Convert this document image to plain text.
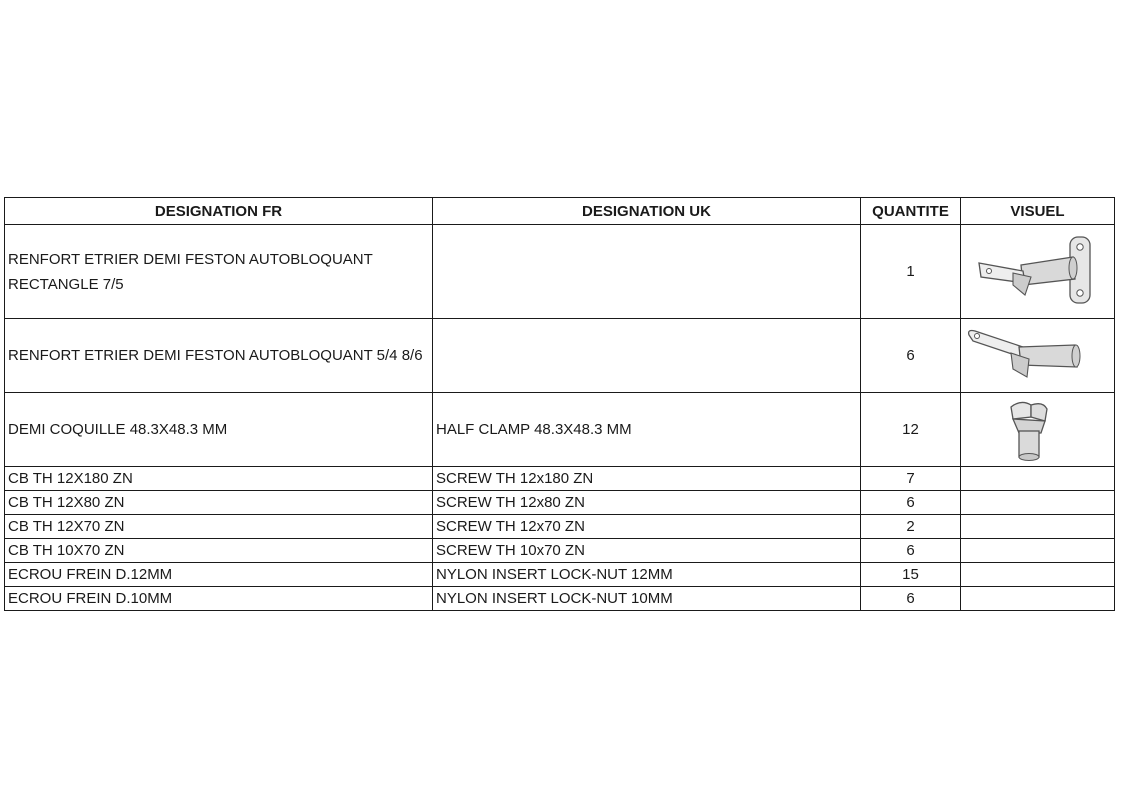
DESIGNATION FR	DESIGNATION UK	QUANTITE	VISUEL
RENFORT ETRIER DEMI FESTON AUTOBLOQUANT RECTANGLE 7/5		1	

RENFORT ETRIER DEMI FESTON AUTOBLOQUANT 5/4 8/6		6	

DEMI COQUILLE 48.3X48.3 MM	HALF CLAMP 48.3X48.3 MM	12	

CB TH 12X180 ZN	SCREW TH 12x180 ZN	7	
CB TH 12X80 ZN	SCREW TH 12x80 ZN	6	
CB TH 12X70 ZN	SCREW TH 12x70 ZN	2	
CB TH 10X70 ZN	SCREW TH 10x70 ZN	6	
ECROU FREIN D.12MM	NYLON INSERT LOCK-NUT 12MM	15	
ECROU FREIN D.10MM	NYLON INSERT LOCK-NUT 10MM	6	
